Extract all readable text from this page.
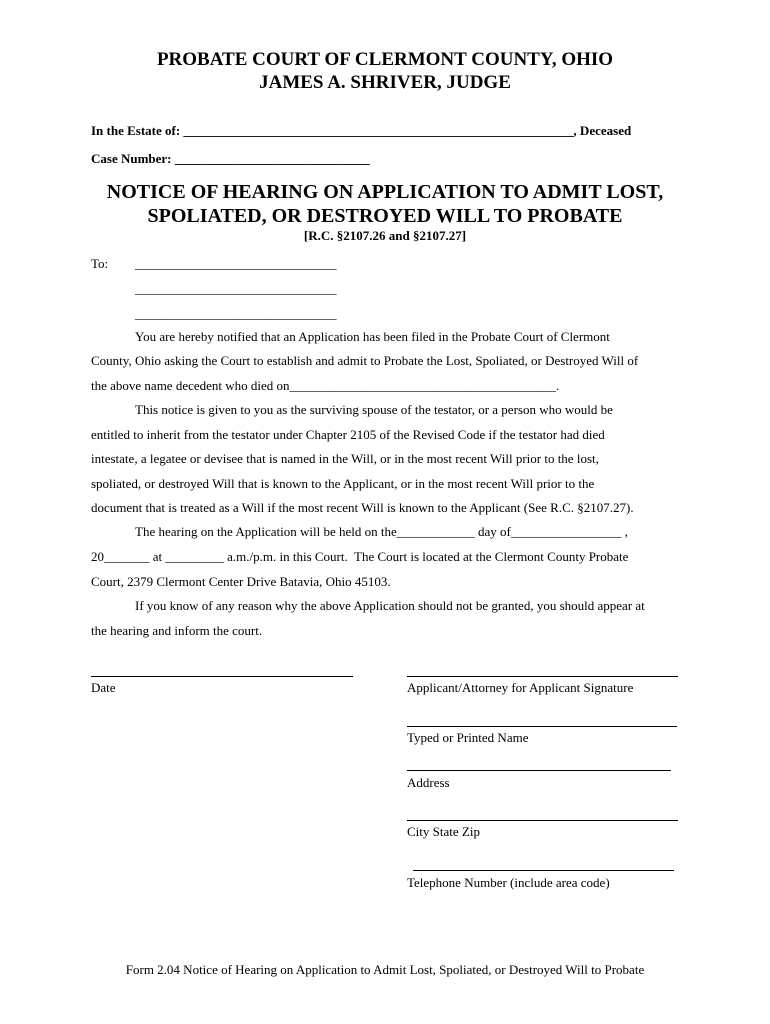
PROBATE COURT OF CLERMONT COUNTY, OHIO
JAMES A. SHRIVER, JUDGE
In the Estate of: ____________________________________________________________, Deceased
Case Number: ______________________________
NOTICE OF HEARING ON APPLICATION TO ADMIT LOST,
SPOLIATED, OR DESTROYED WILL TO PROBATE
[R.C. §2107.26 and §2107.27]
To: _______________________________
_______________________________
_______________________________
You are hereby notified that an Application has been filed in the Probate Court of Clermont
County, Ohio asking the Court to establish and admit to Probate the Lost, Spoliated, or Destroyed Will of
the above name decedent who died on_________________________________________.
This notice is given to you as the surviving spouse of the testator, or a person who would be
entitled to inherit from the testator under Chapter 2105 of the Revised Code if the testator had died
intestate, a legatee or devisee that is named in the Will, or in the most recent Will prior to the lost,
spoliated, or destroyed Will that is known to the Applicant, or in the most recent Will prior to the
document that is treated as a Will if the most recent Will is known to the Applicant (See R.C. §2107.27).
The hearing on the Application will be held on the____________ day of_________________ ,
20_______ at _________ a.m./p.m. in this Court.  The Court is located at the Clermont County Probate
Court, 2379 Clermont Center Drive Batavia, Ohio 45103.
If you know of any reason why the above Application should not be granted, you should appear at
the hearing and inform the court.
Date	Applicant/Attorney for Applicant Signature
Typed or Printed Name
Address
City State Zip
Telephone Number (include area code)
Form 2.04 Notice of Hearing on Application to Admit Lost, Spoliated, or Destroyed Will to Probate
